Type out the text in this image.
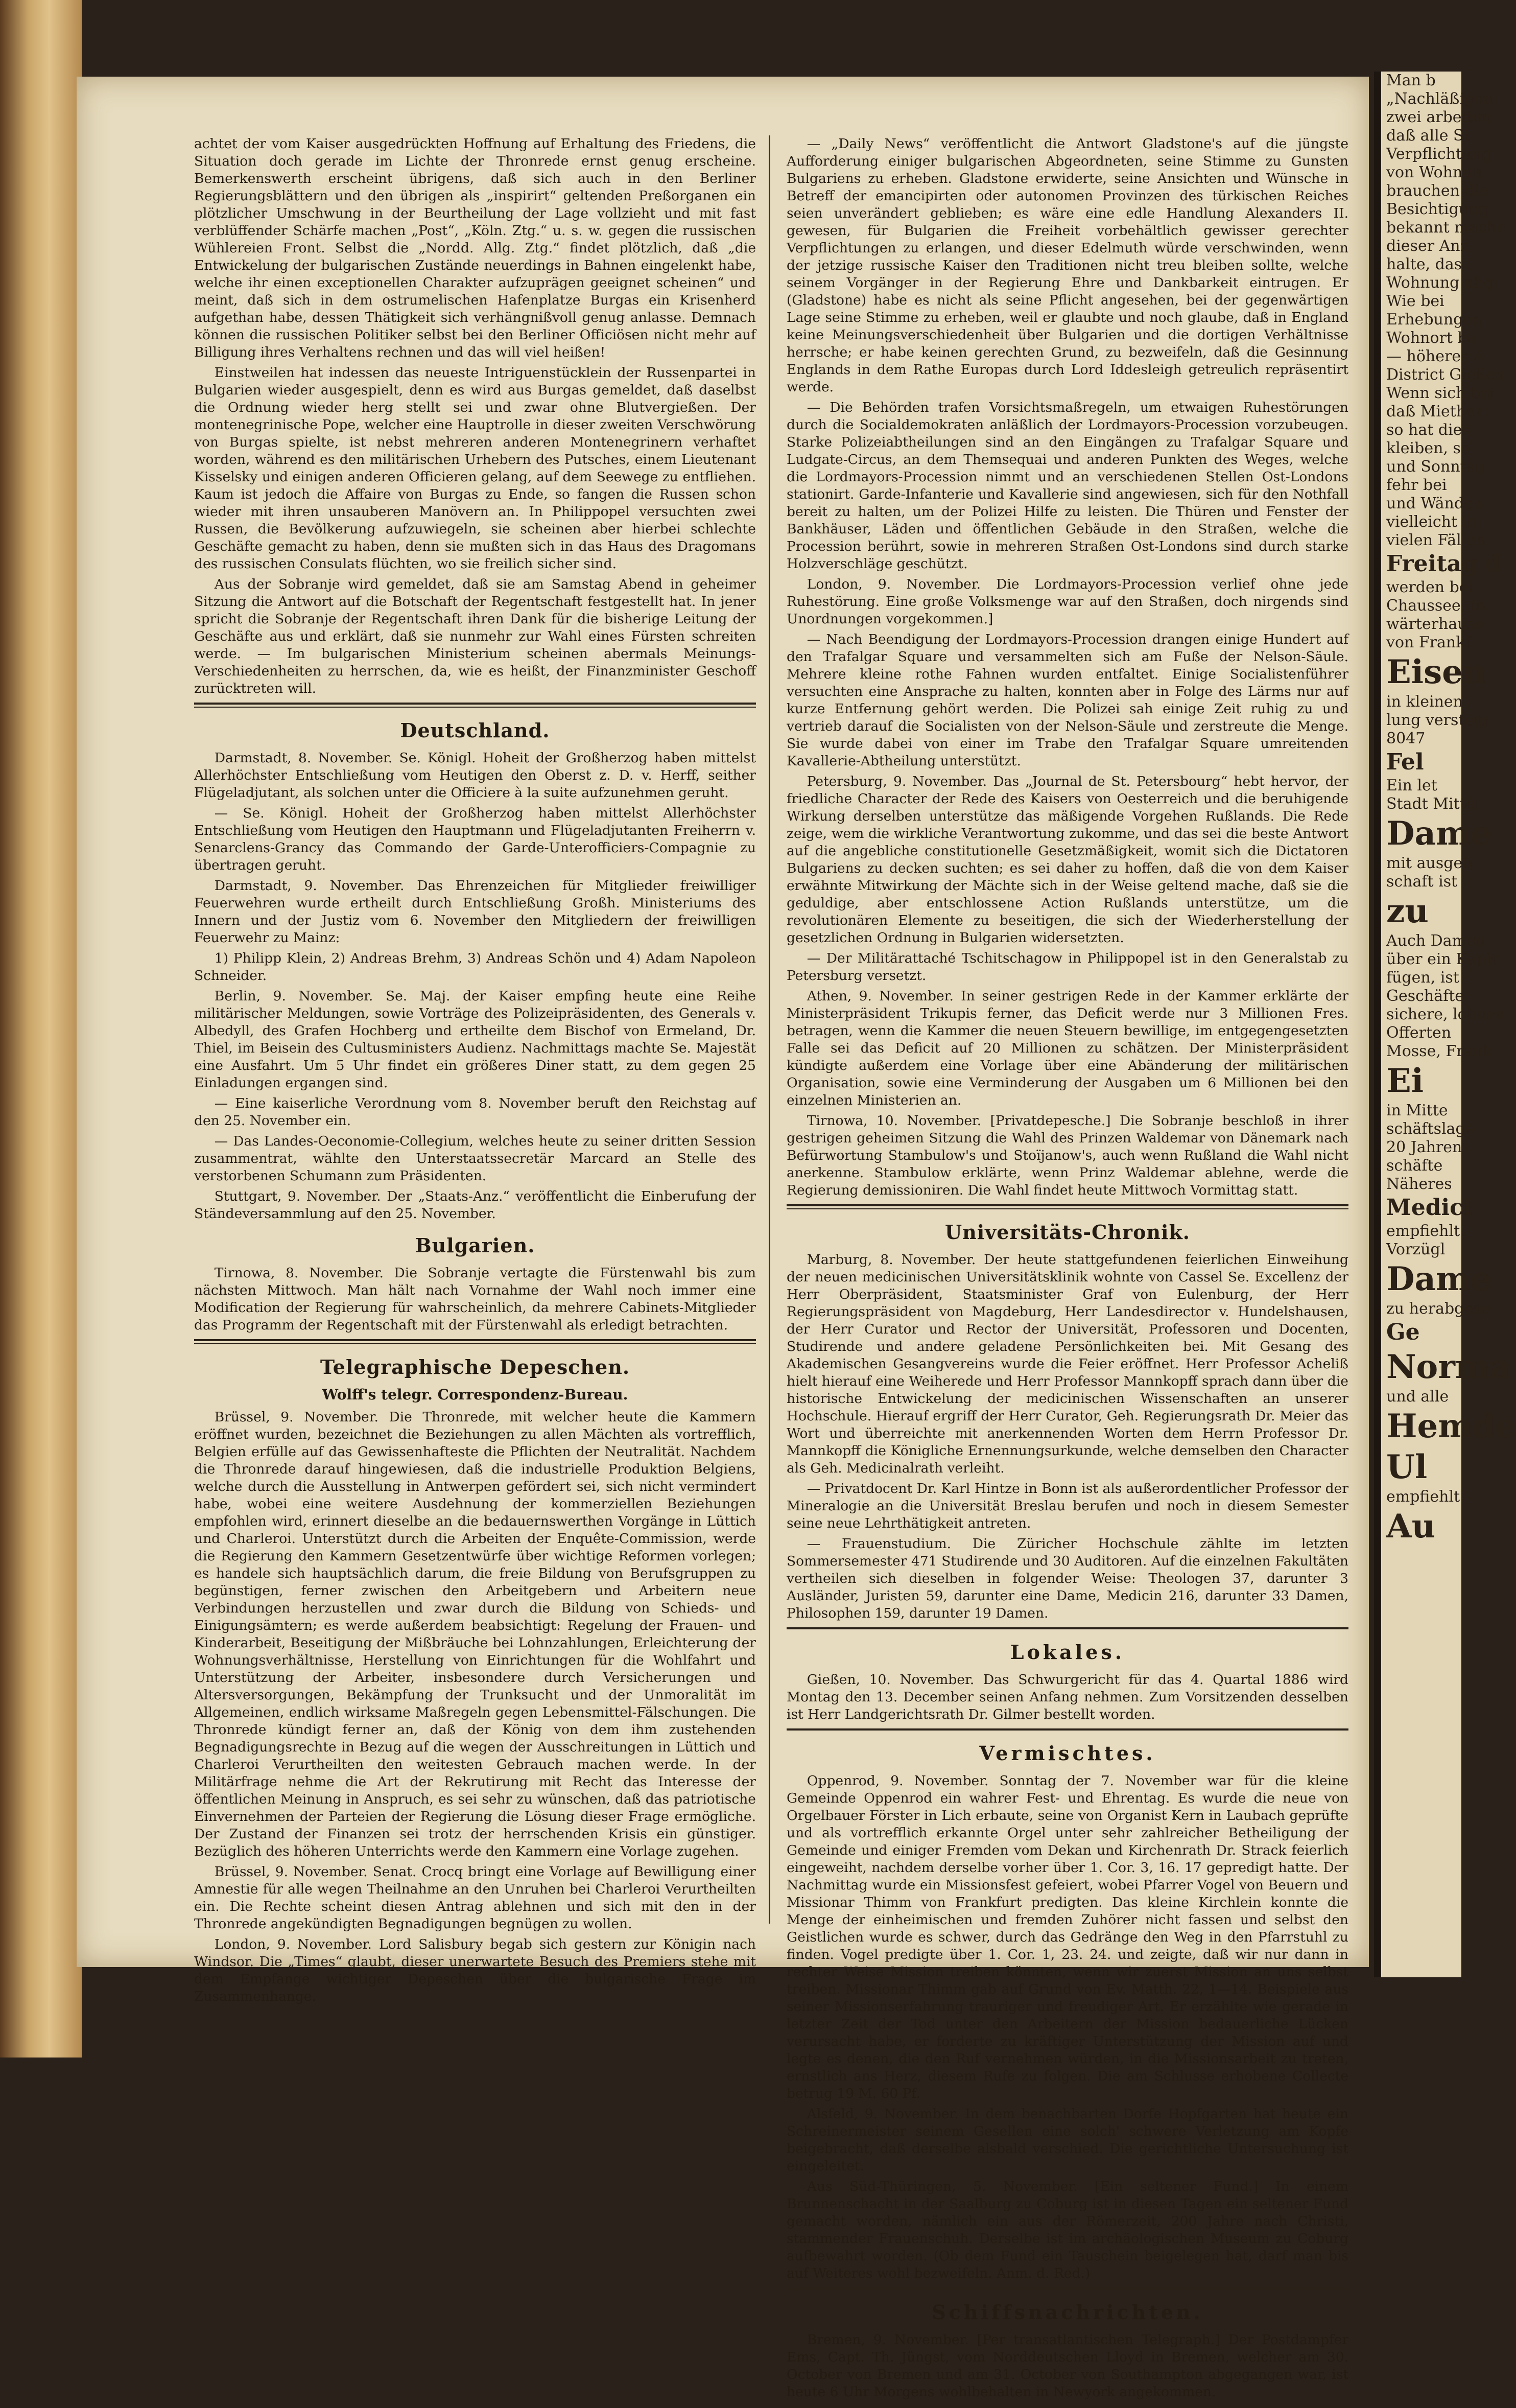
achtet der vom Kaiser ausgedrückten Hoffnung auf Erhaltung des Friedens, die Situation doch gerade im Lichte der Thronrede ernst genug erscheine. Bemerkenswerth erscheint übrigens, daß sich auch in den Berliner Regierungsblättern und den übrigen als „inspirirt“ geltenden Preßorganen ein plötzlicher Umschwung in der Beurtheilung der Lage vollzieht und mit fast verblüffender Schärfe machen „Post“, „Köln. Ztg.“ u. s. w. gegen die russischen Wühlereien Front. Selbst die „Nordd. Allg. Ztg.“ findet plötzlich, daß „die Entwickelung der bulgarischen Zustände neuerdings in Bahnen eingelenkt habe, welche ihr einen exceptionellen Charakter aufzuprägen geeignet scheinen“ und meint, daß sich in dem ostrumelischen Hafenplatze Burgas ein Krisenherd aufgethan habe, dessen Thätigkeit sich verhängnißvoll genug anlasse. Demnach können die russischen Politiker selbst bei den Berliner Officiösen nicht mehr auf Billigung ihres Verhaltens rechnen und das will viel heißen!

Einstweilen hat indessen das neueste Intriguenstücklein der Russenpartei in Bulgarien wieder ausgespielt, denn es wird aus Burgas gemeldet, daß daselbst die Ordnung wieder herg stellt sei und zwar ohne Blutvergießen. Der montenegrinische Pope, welcher eine Hauptrolle in dieser zweiten Verschwörung von Burgas spielte, ist nebst mehreren anderen Montenegrinern verhaftet worden, während es den militärischen Urhebern des Putsches, einem Lieutenant Kisselsky und einigen anderen Officieren gelang, auf dem Seewege zu entfliehen. Kaum ist jedoch die Affaire von Burgas zu Ende, so fangen die Russen schon wieder mit ihren unsauberen Manövern an. In Philippopel versuchten zwei Russen, die Bevölkerung aufzuwiegeln, sie scheinen aber hierbei schlechte Geschäfte gemacht zu haben, denn sie mußten sich in das Haus des Dragomans des russischen Consulats flüchten, wo sie freilich sicher sind.

Aus der Sobranje wird gemeldet, daß sie am Samstag Abend in geheimer Sitzung die Antwort auf die Botschaft der Regentschaft festgestellt hat. In jener spricht die Sobranje der Regentschaft ihren Dank für die bisherige Leitung der Geschäfte aus und erklärt, daß sie nunmehr zur Wahl eines Fürsten schreiten werde. — Im bulgarischen Ministerium scheinen abermals Meinungs-Verschiedenheiten zu herrschen, da, wie es heißt, der Finanzminister Geschoff zurücktreten will.

Deutschland.

Darmstadt, 8. November. Se. Königl. Hoheit der Großherzog haben mittelst Allerhöchster Entschließung vom Heutigen den Oberst z. D. v. Herff, seither Flügeladjutant, als solchen unter die Officiere à la suite aufzunehmen geruht.

— Se. Königl. Hoheit der Großherzog haben mittelst Allerhöchster Entschließung vom Heutigen den Hauptmann und Flügeladjutanten Freiherrn v. Senarclens-Grancy das Commando der Garde-Unterofficiers-Compagnie zu übertragen geruht.

Darmstadt, 9. November. Das Ehrenzeichen für Mitglieder freiwilliger Feuerwehren wurde ertheilt durch Entschließung Großh. Ministeriums des Innern und der Justiz vom 6. November den Mitgliedern der freiwilligen Feuerwehr zu Mainz:

1) Philipp Klein, 2) Andreas Brehm, 3) Andreas Schön und 4) Adam Napoleon Schneider.

Berlin, 9. November. Se. Maj. der Kaiser empfing heute eine Reihe militärischer Meldungen, sowie Vorträge des Polizeipräsidenten, des Generals v. Albedyll, des Grafen Hochberg und ertheilte dem Bischof von Ermeland, Dr. Thiel, im Beisein des Cultusministers Audienz. Nachmittags machte Se. Majestät eine Ausfahrt. Um 5 Uhr findet ein größeres Diner statt, zu dem gegen 25 Einladungen ergangen sind.

— Eine kaiserliche Verordnung vom 8. November beruft den Reichstag auf den 25. November ein.

— Das Landes-Oeconomie-Collegium, welches heute zu seiner dritten Session zusammentrat, wählte den Unterstaatssecretär Marcard an Stelle des verstorbenen Schumann zum Präsidenten.

Stuttgart, 9. November. Der „Staats-Anz.“ veröffentlicht die Einberufung der Ständeversammlung auf den 25. November.

Bulgarien.

Tirnowa, 8. November. Die Sobranje vertagte die Fürstenwahl bis zum nächsten Mittwoch. Man hält nach Vornahme der Wahl noch immer eine Modification der Regierung für wahrscheinlich, da mehrere Cabinets-Mitglieder das Programm der Regentschaft mit der Fürstenwahl als erledigt betrachten.

Telegraphische Depeschen.
Wolff's telegr. Correspondenz-Bureau.

Brüssel, 9. November. Die Thronrede, mit welcher heute die Kammern eröffnet wurden, bezeichnet die Beziehungen zu allen Mächten als vortrefflich, Belgien erfülle auf das Gewissenhafteste die Pflichten der Neutralität. Nachdem die Thronrede darauf hingewiesen, daß die industrielle Produktion Belgiens, welche durch die Ausstellung in Antwerpen gefördert sei, sich nicht vermindert habe, wobei eine weitere Ausdehnung der kommerziellen Beziehungen empfohlen wird, erinnert dieselbe an die bedauernswerthen Vorgänge in Lüttich und Charleroi. Unterstützt durch die Arbeiten der Enquête-Commission, werde die Regierung den Kammern Gesetzentwürfe über wichtige Reformen vorlegen; es handele sich hauptsächlich darum, die freie Bildung von Berufsgruppen zu begünstigen, ferner zwischen den Arbeitgebern und Arbeitern neue Verbindungen herzustellen und zwar durch die Bildung von Schieds- und Einigungsämtern; es werde außerdem beabsichtigt: Regelung der Frauen- und Kinderarbeit, Beseitigung der Mißbräuche bei Lohnzahlungen, Erleichterung der Wohnungsverhältnisse, Herstellung von Einrichtungen für die Wohlfahrt und Unterstützung der Arbeiter, insbesondere durch Versicherungen und Altersversorgungen, Bekämpfung der Trunksucht und der Unmoralität im Allgemeinen, endlich wirksame Maßregeln gegen Lebensmittel-Fälschungen. Die Thronrede kündigt ferner an, daß der König von dem ihm zustehenden Begnadigungsrechte in Bezug auf die wegen der Ausschreitungen in Lüttich und Charleroi Verurtheilten den weitesten Gebrauch machen werde. In der Militärfrage nehme die Art der Rekrutirung mit Recht das Interesse der öffentlichen Meinung in Anspruch, es sei sehr zu wünschen, daß das patriotische Einvernehmen der Parteien der Regierung die Lösung dieser Frage ermögliche. Der Zustand der Finanzen sei trotz der herrschenden Krisis ein günstiger. Bezüglich des höheren Unterrichts werde den Kammern eine Vorlage zugehen.

Brüssel, 9. November. Senat. Crocq bringt eine Vorlage auf Bewilligung einer Amnestie für alle wegen Theilnahme an den Unruhen bei Charleroi Verurtheilten ein. Die Rechte scheint diesen Antrag ablehnen und sich mit den in der Thronrede angekündigten Begnadigungen begnügen zu wollen.

London, 9. November. Lord Salisbury begab sich gestern zur Königin nach Windsor. Die „Times“ glaubt, dieser unerwartete Besuch des Premiers stehe mit dem Empfange wichtiger Depeschen über die bulgarische Frage im Zusammenhange.

— „Daily News“ veröffentlicht die Antwort Gladstone's auf die jüngste Aufforderung einiger bulgarischen Abgeordneten, seine Stimme zu Gunsten Bulgariens zu erheben. Gladstone erwiderte, seine Ansichten und Wünsche in Betreff der emancipirten oder autonomen Provinzen des türkischen Reiches seien unverändert geblieben; es wäre eine edle Handlung Alexanders II. gewesen, für Bulgarien die Freiheit vorbehältlich gewisser gerechter Verpflichtungen zu erlangen, und dieser Edelmuth würde verschwinden, wenn der jetzige russische Kaiser den Traditionen nicht treu bleiben sollte, welche seinem Vorgänger in der Regierung Ehre und Dankbarkeit eintrugen. Er (Gladstone) habe es nicht als seine Pflicht angesehen, bei der gegenwärtigen Lage seine Stimme zu erheben, weil er glaubte und noch glaube, daß in England keine Meinungsverschiedenheit über Bulgarien und die dortigen Verhältnisse herrsche; er habe keinen gerechten Grund, zu bezweifeln, daß die Gesinnung Englands in dem Rathe Europas durch Lord Iddesleigh getreulich repräsentirt werde.

— Die Behörden trafen Vorsichtsmaßregeln, um etwaigen Ruhestörungen durch die Socialdemokraten anläßlich der Lordmayors-Procession vorzubeugen. Starke Polizeiabtheilungen sind an den Eingängen zu Trafalgar Square und Ludgate-Circus, an dem Themsequai und anderen Punkten des Weges, welche die Lordmayors-Procession nimmt und an verschiedenen Stellen Ost-Londons stationirt. Garde-Infanterie und Kavallerie sind angewiesen, sich für den Nothfall bereit zu halten, um der Polizei Hilfe zu leisten. Die Thüren und Fenster der Bankhäuser, Läden und öffentlichen Gebäude in den Straßen, welche die Procession berührt, sowie in mehreren Straßen Ost-Londons sind durch starke Holzverschläge geschützt.

London, 9. November. Die Lordmayors-Procession verlief ohne jede Ruhestörung. Eine große Volksmenge war auf den Straßen, doch nirgends sind Unordnungen vorgekommen.]

— Nach Beendigung der Lordmayors-Procession drangen einige Hundert auf den Trafalgar Square und versammelten sich am Fuße der Nelson-Säule. Mehrere kleine rothe Fahnen wurden entfaltet. Einige Socialistenführer versuchten eine Ansprache zu halten, konnten aber in Folge des Lärms nur auf kurze Entfernung gehört werden. Die Polizei sah einige Zeit ruhig zu und vertrieb darauf die Socialisten von der Nelson-Säule und zerstreute die Menge. Sie wurde dabei von einer im Trabe den Trafalgar Square umreitenden Kavallerie-Abtheilung unterstützt.

Petersburg, 9. November. Das „Journal de St. Petersbourg“ hebt hervor, der friedliche Character der Rede des Kaisers von Oesterreich und die beruhigende Wirkung derselben unterstütze das mäßigende Vorgehen Rußlands. Die Rede zeige, wem die wirkliche Verantwortung zukomme, und das sei die beste Antwort auf die angebliche constitutionelle Gesetzmäßigkeit, womit sich die Dictatoren Bulgariens zu decken suchten; es sei daher zu hoffen, daß die von dem Kaiser erwähnte Mitwirkung der Mächte sich in der Weise geltend mache, daß sie die geduldige, aber entschlossene Action Rußlands unterstütze, um die revolutionären Elemente zu beseitigen, die sich der Wiederherstellung der gesetzlichen Ordnung in Bulgarien widersetzten.

— Der Militärattaché Tschitschagow in Philippopel ist in den Generalstab zu Petersburg versetzt.

Athen, 9. November. In seiner gestrigen Rede in der Kammer erklärte der Ministerpräsident Trikupis ferner, das Deficit werde nur 3 Millionen Fres. betragen, wenn die Kammer die neuen Steuern bewillige, im entgegengesetzten Falle sei das Deficit auf 20 Millionen zu schätzen. Der Ministerpräsident kündigte außerdem eine Vorlage über eine Abänderung der militärischen Organisation, sowie eine Verminderung der Ausgaben um 6 Millionen bei den einzelnen Ministerien an.

Tirnowa, 10. November. [Privatdepesche.] Die Sobranje beschloß in ihrer gestrigen geheimen Sitzung die Wahl des Prinzen Waldemar von Dänemark nach Befürwortung Stambulow's und Stoïjanow's, auch wenn Rußland die Wahl nicht anerkenne. Stambulow erklärte, wenn Prinz Waldemar ablehne, werde die Regierung demissioniren. Die Wahl findet heute Mittwoch Vormittag statt.

Universitäts-Chronik.

Marburg, 8. November. Der heute stattgefundenen feierlichen Einweihung der neuen medicinischen Universitätsklinik wohnte von Cassel Se. Excellenz der Herr Oberpräsident, Staatsminister Graf von Eulenburg, der Herr Regierungspräsident von Magdeburg, Herr Landesdirector v. Hundelshausen, der Herr Curator und Rector der Universität, Professoren und Docenten, Studirende und andere geladene Persönlichkeiten bei. Mit Gesang des Akademischen Gesangvereins wurde die Feier eröffnet. Herr Professor Acheliß hielt hierauf eine Weiherede und Herr Professor Mannkopff sprach dann über die historische Entwickelung der medicinischen Wissenschaften an unserer Hochschule. Hierauf ergriff der Herr Curator, Geh. Regierungsrath Dr. Meier das Wort und überreichte mit anerkennenden Worten dem Herrn Professor Dr. Mannkopff die Königliche Ernennungsurkunde, welche demselben den Character als Geh. Medicinalrath verleiht.

— Privatdocent Dr. Karl Hintze in Bonn ist als außerordentlicher Professor der Mineralogie an die Universität Breslau berufen und noch in diesem Semester seine neue Lehrthätigkeit antreten.

— Frauenstudium. Die Züricher Hochschule zählte im letzten Sommersemester 471 Studirende und 30 Auditoren. Auf die einzelnen Fakultäten vertheilen sich dieselben in folgender Weise: Theologen 37, darunter 3 Ausländer, Juristen 59, darunter eine Dame, Medicin 216, darunter 33 Damen, Philosophen 159, darunter 19 Damen.

Lokales.

Gießen, 10. November. Das Schwurgericht für das 4. Quartal 1886 wird Montag den 13. December seinen Anfang nehmen. Zum Vorsitzenden desselben ist Herr Landgerichtsrath Dr. Gilmer bestellt worden.

Vermischtes.

Oppenrod, 9. November. Sonntag der 7. November war für die kleine Gemeinde Oppenrod ein wahrer Fest- und Ehrentag. Es wurde die neue von Orgelbauer Förster in Lich erbaute, seine von Organist Kern in Laubach geprüfte und als vortrefflich erkannte Orgel unter sehr zahlreicher Betheiligung der Gemeinde und einiger Fremden vom Dekan und Kirchenrath Dr. Strack feierlich eingeweiht, nachdem derselbe vorher über 1. Cor. 3, 16. 17 gepredigt hatte. Der Nachmittag wurde ein Missionsfest gefeiert, wobei Pfarrer Vogel von Beuern und Missionar Thimm von Frankfurt predigten. Das kleine Kirchlein konnte die Menge der einheimischen und fremden Zuhörer nicht fassen und selbst den Geistlichen wurde es schwer, durch das Gedränge den Weg in den Pfarrstuhl zu finden. Vogel predigte über 1. Cor. 1, 23. 24. und zeigte, daß wir nur dann in rechter Weise Mission treiben könnten, wenn wir zuerst Mission an uns selbst treiben. Missionar Thimm gab auf Grund von Ev. Matth. 22, 1—14. Beispiele aus seiner Missionserfahrung trauriger und freudiger Art. Er erzählte wie gerade in letzter Zeit der Tod unter den Arbeitern der Mission bedauerliche Lücken verursacht habe, er forderte zu kräftiger Unterstützung der Mission auf und legte es denen, die den Ruf vernehmen würden, in die Missionsarbeit zu treten, ernstlich ans Herz, diesem Rufe zu folgen. Die am Schlusse erhobene Collecte betrug 19 M. 60 Pf.

Alsfeld, 9. November. In dem benachbarten Dorfe Hopfgarten hat heute ein Schreinermeister seinem Gesellen eine solch' schwere Verletzung am Kopfe beigebracht, daß derselbe alsbald verschied. Die gerichtliche Untersuchung ist eingeleitet.

Aus Süd-Thüringen, 5. November. [Ein seltener Fund.] In einem Brunnenschacht in der Saalburg zu Coburg ist in diesen Tagen ein seltener Fund gemacht worden, nämlich ein aus der Römerzeit, 200 Jahre nach Christi, stammender Frauenschuh. Derselbe ist im archäologischen Museum zu Coburg aufbewahrt worden. (Ob dem Fund ein Tauschein beigelegen hat, darf man bis auf Weiteres wohl bezweifeln. Anm. d. Red.)

Schiffsnachrichten.

Bremen, 9. November. [Per transatlantischen Telegraph.] Der Postdampfer Ems, Capt. Th. Jüngst, vom Norddeutschen Lloyd in Bremen, welcher am 30. October von Bremen und am 31. October von Southampton abgegangen war, ist heute 6 Uhr Morgens wohlbehalten in Newyork angekommen.

Man b
„Nachläßigen
zwei arbeiten
daß alle St
Verpflichtung
von Wohnun
brauchen die
Besichtigung
bekannt mache
dieser Anz
halte, das
Wohnung abg
Wie bei
Erhebungen
Wohnort be
— höherer A
District Gießen
Wenn sich bei
daß Miether
so hat dies
kleiben, so
und Sonntag
fehr bei
und Wänden
vielleicht in
vielen Fällen
Freitag d
werden bei
Chaussee, in
wärterhause
von Frankf
Eisen
in kleinen
lung versteig
8047
Fel
Ein let
Stadt Mittel
Dame
mit ausgeb
schaft ist
zu
Auch Damen
über ein Kapit
fügen, ist
Geschäfte
sichere, lohnen
Offerten
Mosse, Frank
Ei
in Mitte
schäftslage
20 Jahren
schäfte
Näheres
Medici
empfiehlt
Vorzügl
Dame
zu herabgese
Ge
Norma
und alle
Hemde
Ul
empfiehlt
Au
